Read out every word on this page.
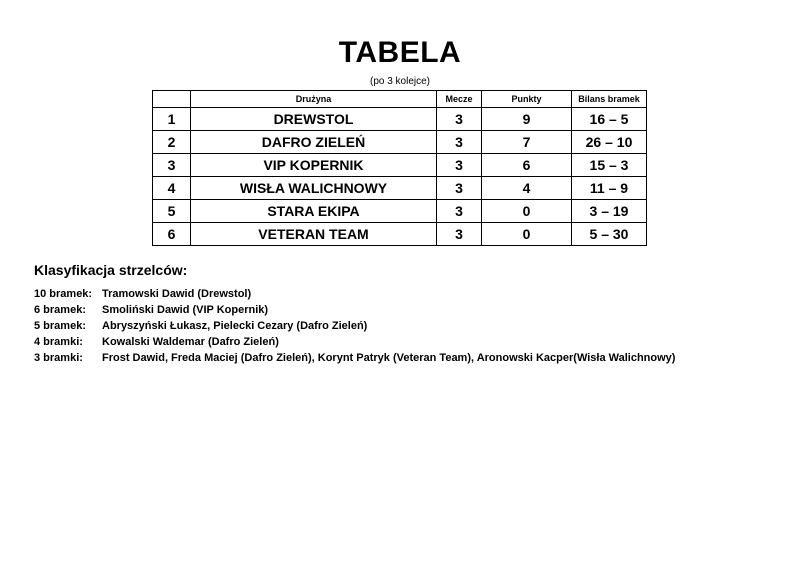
TABELA
(po 3 kolejce)
	Drużyna	Mecze	Punkty	Bilans bramek
1	DREWSTOL	3	9	16 – 5
2	DAFRO ZIELEŃ	3	7	26 – 10
3	VIP KOPERNIK	3	6	15 – 3
4	WISŁA WALICHNOWY	3	4	11 – 9
5	STARA EKIPA	3	0	3 – 19
6	VETERAN TEAM	3	0	5 – 30
Klasyfikacja strzelców:
10 bramek: Tramowski Dawid (Drewstol)
6 bramek:	Smoliński Dawid (VIP Kopernik)
5 bramek:	Abryszyński Łukasz, Pielecki Cezary (Dafro Zieleń)
4 bramki:	Kowalski Waldemar (Dafro Zieleń)
3 bramki:	Frost Dawid, Freda Maciej (Dafro Zieleń), Korynt Patryk (Veteran Team), Aronowski Kacper(Wisła Walichnowy)
